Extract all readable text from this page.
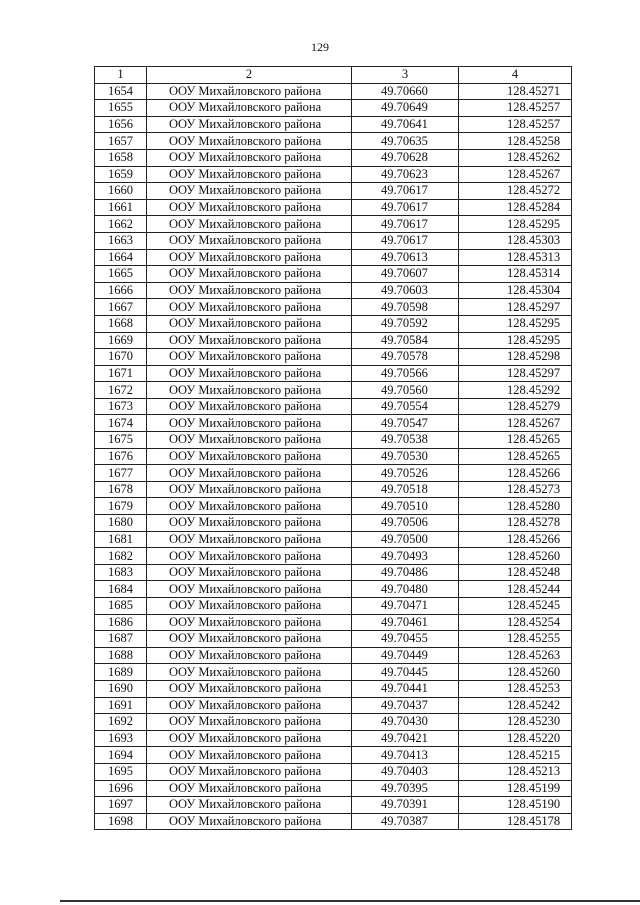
129
1	2	3	4
1654	ООУ Михайловского района	49.70660	128.45271
1655	ООУ Михайловского района	49.70649	128.45257
1656	ООУ Михайловского района	49.70641	128.45257
1657	ООУ Михайловского района	49.70635	128.45258
1658	ООУ Михайловского района	49.70628	128.45262
1659	ООУ Михайловского района	49.70623	128.45267
1660	ООУ Михайловского района	49.70617	128.45272
1661	ООУ Михайловского района	49.70617	128.45284
1662	ООУ Михайловского района	49.70617	128.45295
1663	ООУ Михайловского района	49.70617	128.45303
1664	ООУ Михайловского района	49.70613	128.45313
1665	ООУ Михайловского района	49.70607	128.45314
1666	ООУ Михайловского района	49.70603	128.45304
1667	ООУ Михайловского района	49.70598	128.45297
1668	ООУ Михайловского района	49.70592	128.45295
1669	ООУ Михайловского района	49.70584	128.45295
1670	ООУ Михайловского района	49.70578	128.45298
1671	ООУ Михайловского района	49.70566	128.45297
1672	ООУ Михайловского района	49.70560	128.45292
1673	ООУ Михайловского района	49.70554	128.45279
1674	ООУ Михайловского района	49.70547	128.45267
1675	ООУ Михайловского района	49.70538	128.45265
1676	ООУ Михайловского района	49.70530	128.45265
1677	ООУ Михайловского района	49.70526	128.45266
1678	ООУ Михайловского района	49.70518	128.45273
1679	ООУ Михайловского района	49.70510	128.45280
1680	ООУ Михайловского района	49.70506	128.45278
1681	ООУ Михайловского района	49.70500	128.45266
1682	ООУ Михайловского района	49.70493	128.45260
1683	ООУ Михайловского района	49.70486	128.45248
1684	ООУ Михайловского района	49.70480	128.45244
1685	ООУ Михайловского района	49.70471	128.45245
1686	ООУ Михайловского района	49.70461	128.45254
1687	ООУ Михайловского района	49.70455	128.45255
1688	ООУ Михайловского района	49.70449	128.45263
1689	ООУ Михайловского района	49.70445	128.45260
1690	ООУ Михайловского района	49.70441	128.45253
1691	ООУ Михайловского района	49.70437	128.45242
1692	ООУ Михайловского района	49.70430	128.45230
1693	ООУ Михайловского района	49.70421	128.45220
1694	ООУ Михайловского района	49.70413	128.45215
1695	ООУ Михайловского района	49.70403	128.45213
1696	ООУ Михайловского района	49.70395	128.45199
1697	ООУ Михайловского района	49.70391	128.45190
1698	ООУ Михайловского района	49.70387	128.45178
